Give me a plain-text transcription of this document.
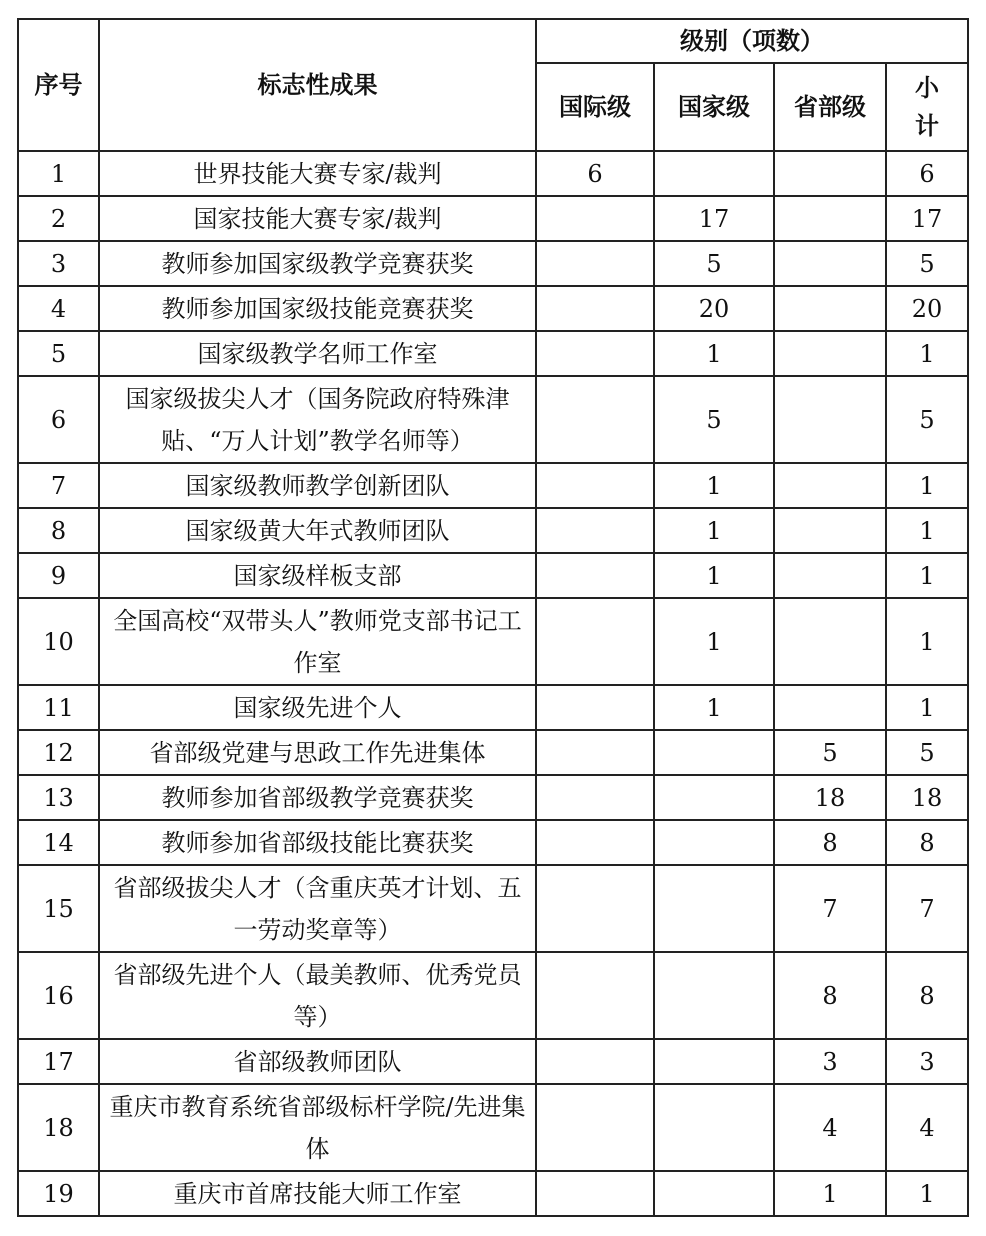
序号	标志性成果	级别（项数）			
		国际级	国家级	省部级	小计
1	世界技能大赛专家/裁判	6			6
2	国家技能大赛专家/裁判		17		17
3	教师参加国家级教学竞赛获奖		5		5
4	教师参加国家级技能竞赛获奖		20		20
5	国家级教学名师工作室		1		1
6	国家级拔尖人才（国务院政府特殊津贴、“万人计划”教学名师等）		5		5
7	国家级教师教学创新团队		1		1
8	国家级黄大年式教师团队		1		1
9	国家级样板支部		1		1
10	全国高校“双带头人”教师党支部书记工作室		1		1
11	国家级先进个人		1		1
12	省部级党建与思政工作先进集体			5	5
13	教师参加省部级教学竞赛获奖			18	18
14	教师参加省部级技能比赛获奖			8	8
15	省部级拔尖人才（含重庆英才计划、五一劳动奖章等）			7	7
16	省部级先进个人（最美教师、优秀党员等）			8	8
17	省部级教师团队			3	3
18	重庆市教育系统省部级标杆学院/先进集体			4	4
19	重庆市首席技能大师工作室			1	1
